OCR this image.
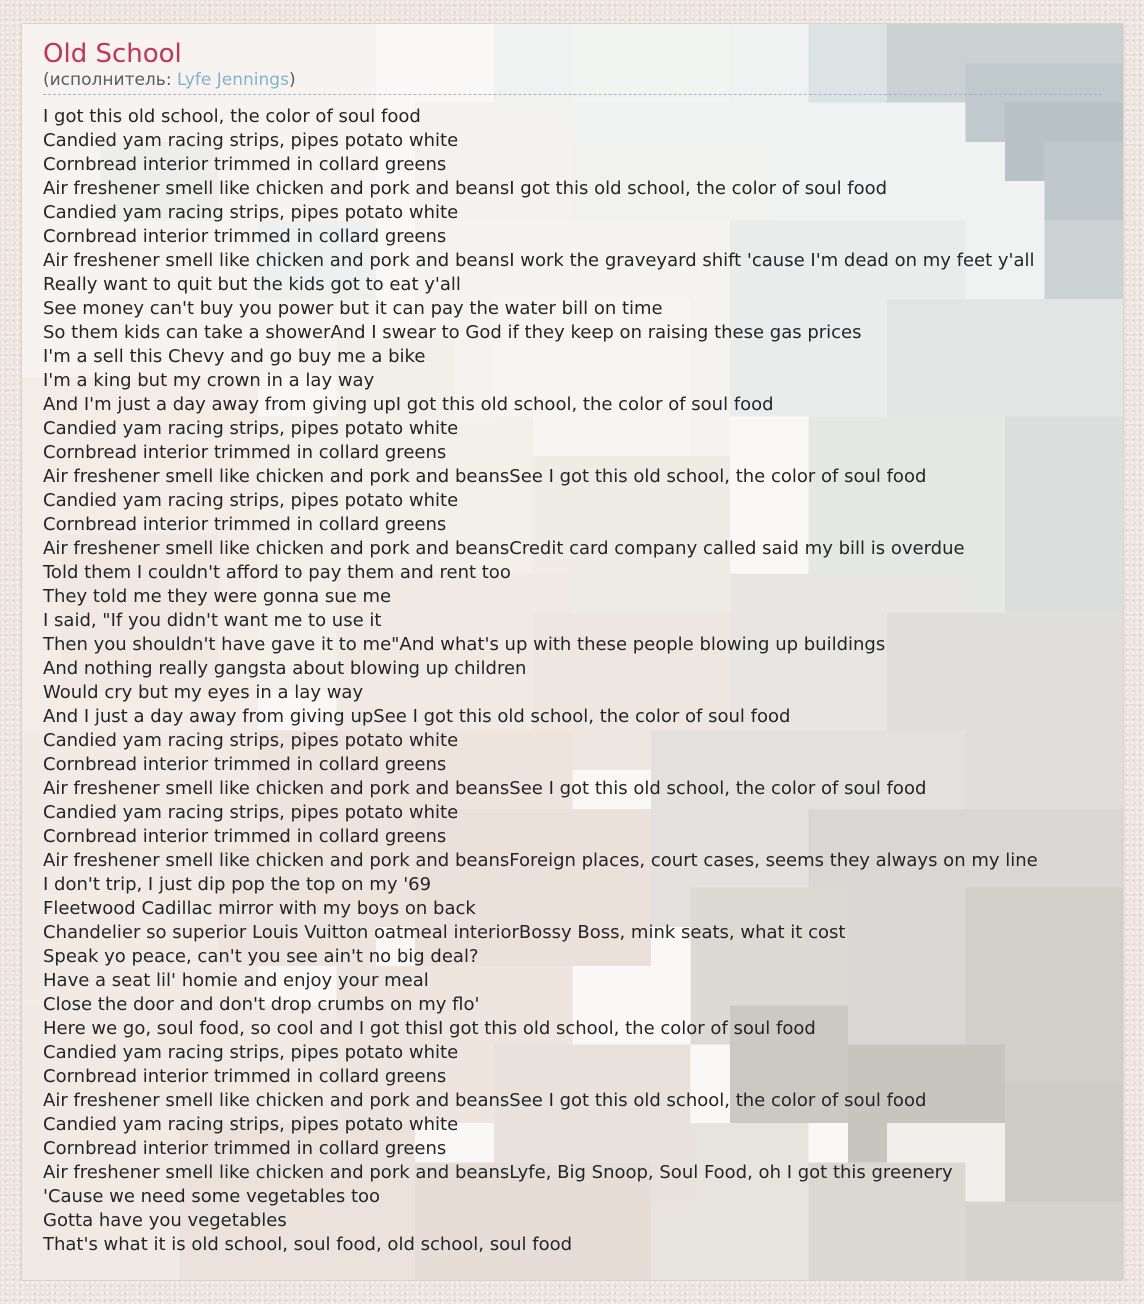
Old School

(исполнитель: Lyfe Jennings)

I got this old school, the color of soul food
Candied yam racing strips, pipes potato white
Cornbread interior trimmed in collard greens
Air freshener smell like chicken and pork and beansI got this old school, the color of soul food
Candied yam racing strips, pipes potato white
Cornbread interior trimmed in collard greens
Air freshener smell like chicken and pork and beansI work the graveyard shift 'cause I'm dead on my feet y'all
Really want to quit but the kids got to eat y'all
See money can't buy you power but it can pay the water bill on time
So them kids can take a showerAnd I swear to God if they keep on raising these gas prices
I'm a sell this Chevy and go buy me a bike
I'm a king but my crown in a lay way
And I'm just a day away from giving upI got this old school, the color of soul food
Candied yam racing strips, pipes potato white
Cornbread interior trimmed in collard greens
Air freshener smell like chicken and pork and beansSee I got this old school, the color of soul food
Candied yam racing strips, pipes potato white
Cornbread interior trimmed in collard greens
Air freshener smell like chicken and pork and beansCredit card company called said my bill is overdue
Told them I couldn't afford to pay them and rent too
They told me they were gonna sue me
I said, "If you didn't want me to use it
Then you shouldn't have gave it to me"And what's up with these people blowing up buildings
And nothing really gangsta about blowing up children
Would cry but my eyes in a lay way
And I just a day away from giving upSee I got this old school, the color of soul food
Candied yam racing strips, pipes potato white
Cornbread interior trimmed in collard greens
Air freshener smell like chicken and pork and beansSee I got this old school, the color of soul food
Candied yam racing strips, pipes potato white
Cornbread interior trimmed in collard greens
Air freshener smell like chicken and pork and beansForeign places, court cases, seems they always on my line
I don't trip, I just dip pop the top on my '69
Fleetwood Cadillac mirror with my boys on back
Chandelier so superior Louis Vuitton oatmeal interiorBossy Boss, mink seats, what it cost
Speak yo peace, can't you see ain't no big deal?
Have a seat lil' homie and enjoy your meal
Close the door and don't drop crumbs on my flo'
Here we go, soul food, so cool and I got thisI got this old school, the color of soul food
Candied yam racing strips, pipes potato white
Cornbread interior trimmed in collard greens
Air freshener smell like chicken and pork and beansSee I got this old school, the color of soul food
Candied yam racing strips, pipes potato white
Cornbread interior trimmed in collard greens
Air freshener smell like chicken and pork and beansLyfe, Big Snoop, Soul Food, oh I got this greenery
'Cause we need some vegetables too
Gotta have you vegetables
That's what it is old school, soul food, old school, soul food
